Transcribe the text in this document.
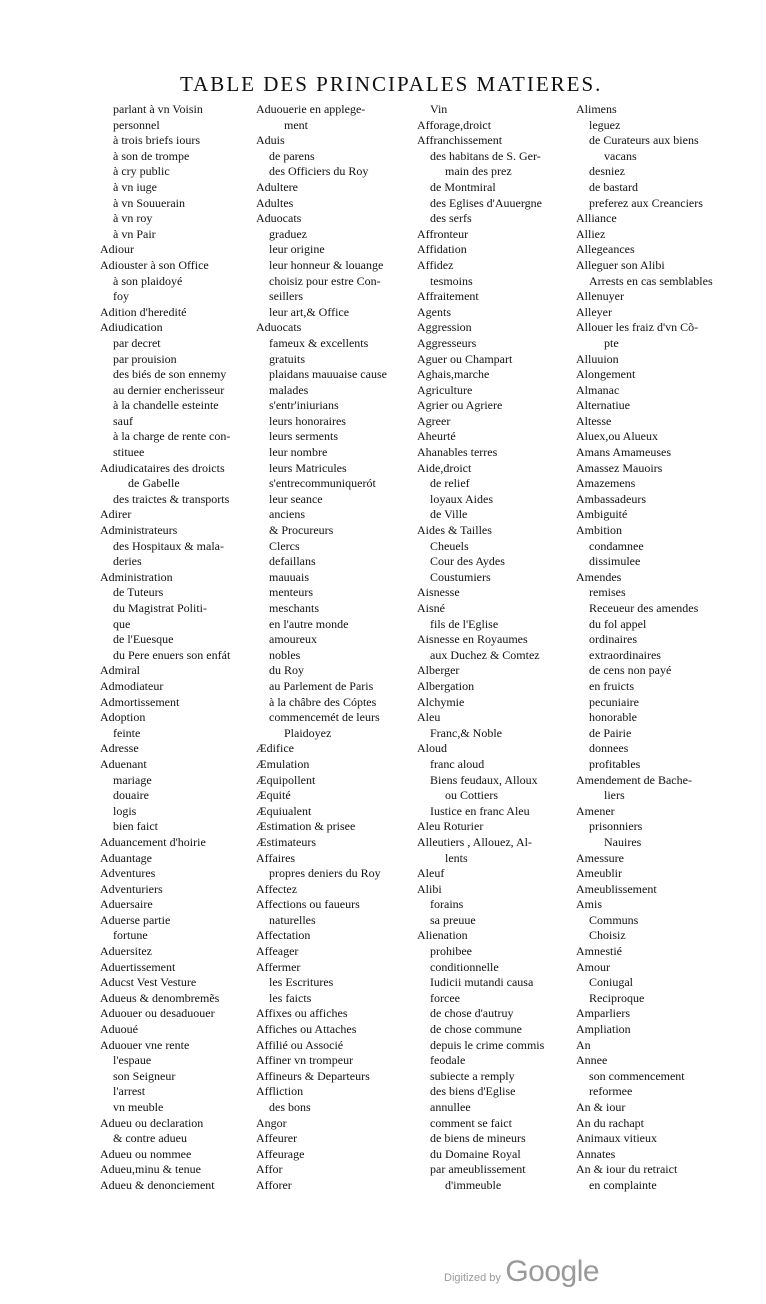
TABLE DES PRINCIPALES MATIERES.
parlant à vn Voisin
personnel
à trois briefs iours
à son de trompe
à cry public
à vn iuge
à vn Souuerain
à vn roy
à vn Pair
Adiour
Adiouster à son Office
à son plaidoyé
foy
Adition d'heredité
Adiudication
par decret
par prouision
des biés de son ennemy
au dernier encherisseur
à la chandelle esteinte
sauf
à la charge de rente con-
stituee
Adiudicataires des droicts
de Gabelle
des traictes & transports
Adirer
Administrateurs
des Hospitaux & mala-
deries
Administration
de Tuteurs
du Magistrat Politi-
que
de l'Euesque
du Pere enuers son enfát
Admiral
Admodiateur
Admortissement
Adoption
feinte
Adresse
Aduenant
mariage
douaire
logis
bien faict
Aduancement d'hoirie
Aduantage
Adventures
Adventuriers
Aduersaire
Aduerse partie
fortune
Aduersitez
Aduertissement
Aducst Vest Vesture
Adueus & denombremẽs
Aduouer ou desaduouer
Aduoué
Aduouer vne rente
l'espaue
son Seigneur
l'arrest
vn meuble
Adueu ou declaration
& contre adueu
Adueu ou nommee
Adueu,minu & tenue
Adueu & denonciement
Aduouerie en applege-
ment
Aduis
de parens
des Officiers du Roy
Adultere
Adultes
Aduocats
graduez
leur origine
leur honneur & louange
choisiz pour estre Con-
seillers
leur art,& Office
Aduocats
fameux & excellents
gratuits
plaidans mauuaise cause
malades
s'entr'iniurians
leurs honoraires
leurs serments
leur nombre
leurs Matricules
s'entrecommuniquerót
leur seance
anciens
& Procureurs
Clercs
defaillans
mauuais
menteurs
meschants
en l'autre monde
amoureux
nobles
du Roy
au Parlement de Paris
à la châbre des Cóptes
commencemét de leurs
Plaidoyez
Ædifice
Æmulation
Æquipollent
Æquité
Æquiualent
Æstimation & prisee
Æstimateurs
Affaires
propres deniers du Roy
Affectez
Affections ou faueurs
naturelles
Affectation
Affeager
Affermer
les Escritures
les faicts
Affixes ou affiches
Affiches ou Attaches
Affilié ou Associé
Affiner vn trompeur
Affineurs & Departeurs
Affliction
des bons
Angor
Affeurer
Affeurage
Affor
Afforer
Vin
Afforage,droict
Affranchissement
des habitans de S. Ger-
main des prez
de Montmiral
des Eglises d'Auuergne
des serfs
Affronteur
Affidation
Affidez
tesmoins
Affraitement
Agents
Aggression
Aggresseurs
Aguer ou Champart
Aghais,marche
Agriculture
Agrier ou Agriere
Agreer
Aheurté
Ahanables terres
Aide,droict
de relief
loyaux Aides
de Ville
Aides & Tailles
Cheuels
Cour des Aydes
Coustumiers
Aisnesse
Aisné
fils de l'Eglise
Aisnesse en Royaumes
aux Duchez & Comtez
Alberger
Albergation
Alchymie
Aleu
Franc,& Noble
Aloud
franc aloud
Biens feudaux, Alloux
ou Cottiers
Iustice en franc Aleu
Aleu Roturier
Alleutiers , Allouez, Al-
lents
Aleuf
Alibi
forains
sa preuue
Alienation
prohibee
conditionnelle
Iudicii mutandi causa
forcee
de chose d'autruy
de chose commune
depuis le crime commis
feodale
subiecte a remply
des biens d'Eglise
annullee
comment se faict
de biens de mineurs
du Domaine Royal
par ameublissement
d'immeuble
Alimens
leguez
de Curateurs aux biens
vacans
desniez
de bastard
preferez aux Creanciers
Alliance
Alliez
Allegeances
Alleguer son Alibi
Arrests en cas semblables
Allenuyer
Alleyer
Allouer les fraiz d'vn Cõ-
pte
Alluuion
Alongement
Almanac
Alternatiue
Altesse
Aluex,ou Alueux
Amans Amameuses
Amassez Mauoirs
Amazemens
Ambassadeurs
Ambiguité
Ambition
condamnee
dissimulee
Amendes
remises
Receueur des amendes
du fol appel
ordinaires
extraordinaires
de cens non payé
en fruicts
pecuniaire
honorable
de Pairie
donnees
profitables
Amendement de Bache-
liers
Amener
prisonniers
Nauires
Amessure
Ameublir
Ameublissement
Amis
Communs
Choisiz
Amnestié
Amour
Coniugal
Reciproque
Amparliers
Ampliation
An
Annee
son commencement
reformee
An & iour
An du rachapt
Animaux vitieux
Annates
An & iour du retraict
en complainte
Digitized by Google
